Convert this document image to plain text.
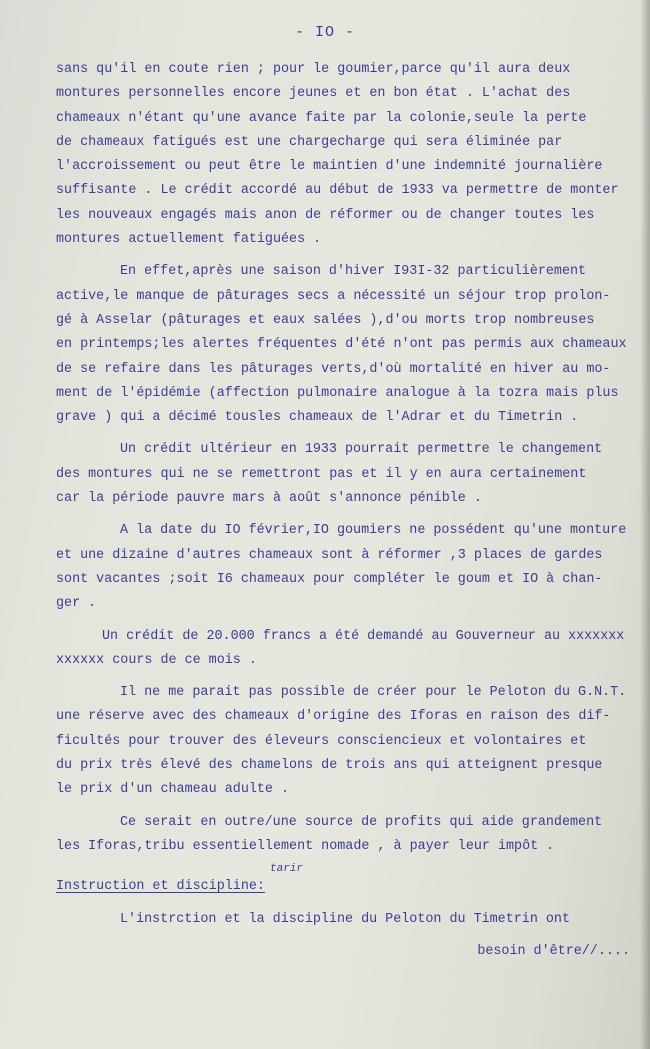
- IO -
tarir
sans qu'il en coute rien ; pour le goumier,parce qu'il aura deux
montures personnelles encore jeunes et en bon état . L'achat des
chameaux n'étant qu'une avance faite par la colonie,seule la perte
de chameaux fatigués est une chargecharge qui sera éliminée par
l'accroissement ou peut être le maintien d'une indemnité journalière
suffisante . Le crédit accordé au début de 1933 va permettre de monter
les nouveaux engagés mais anon de réformer ou de changer toutes les
montures actuellement fatiguées .
En effet,après une saison d'hiver I93I-32 particulièrement
active,le manque de pâturages secs a nécessité un séjour trop prolon-
gé à Asselar (pâturages et eaux salées ),d'ou morts trop nombreuses
en printemps;les alertes fréquentes d'été n'ont pas permis aux chameaux
de se refaire dans les pâturages verts,d'où mortalité en hiver au mo-
ment de l'épidémie (affection pulmonaire analogue à la tozra mais plus
grave ) qui a décimé tousles chameaux de l'Adrar et du Timetrin .
Un crédit ultérieur en 1933 pourrait permettre le changement
des montures qui ne se remettront pas et il y en aura certainement
car la période pauvre mars à août s'annonce pénible .
A la date du IO février,IO goumiers ne possédent qu'une monture
et une dizaine d'autres chameaux sont à réformer ,3 places de gardes
sont vacantes ;soit I6 chameaux pour compléter le goum et IO à chan-
ger .
Un crédit de 20.000 francs a été demandé au Gouverneur au xxxxxxx
xxxxxx cours de ce mois .
Il ne me parait pas possible de créer pour le Peloton du G.N.T.
une réserve avec des chameaux d'origine des Iforas en raison des dif-
ficultés pour trouver des éleveurs consciencieux et volontaires et
du prix très élevé des chamelons de trois ans qui atteignent presque
le prix d'un chameau adulte .
Ce serait en outre/une source de profits qui aide grandement
les Iforas,tribu essentiellement nomade , à payer leur impôt .
Instruction et discipline:
L'instrction et la discipline du Peloton du Timetrin ont
besoin d'être//....
